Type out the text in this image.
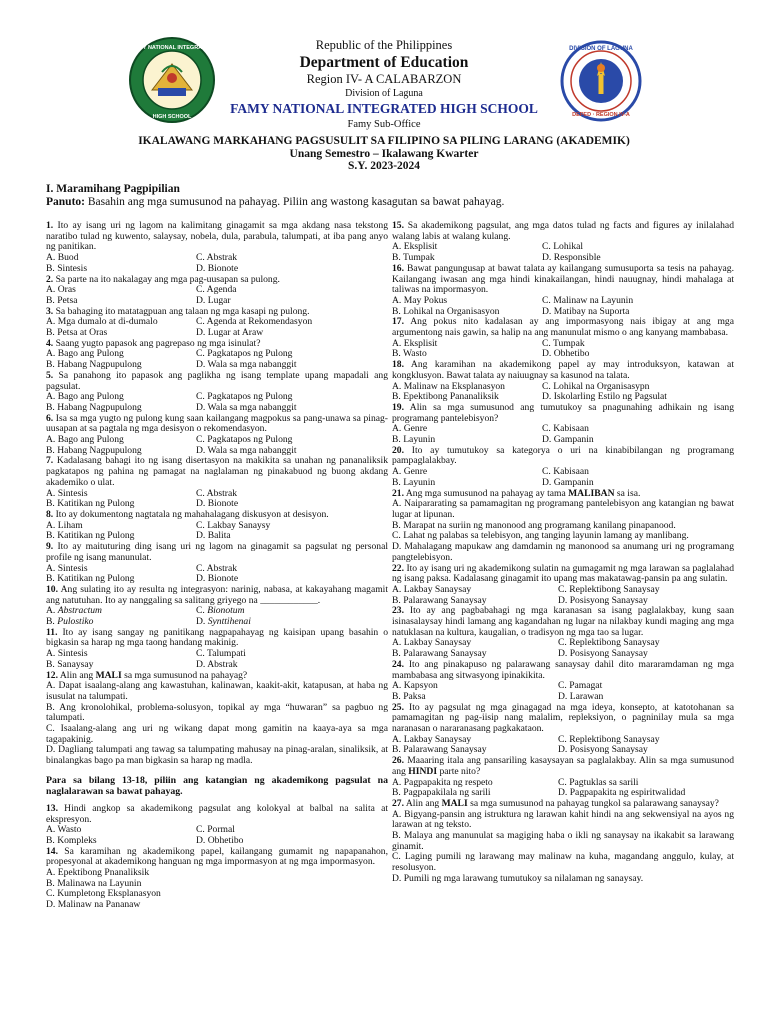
FAMY NATIONAL INTEGRATED
HIGH SCHOOL
Republic of the Philippines
Department of Education
Region IV- A CALABARZON
Division of Laguna
FAMY NATIONAL INTEGRATED HIGH SCHOOL
Famy Sub-Office
DIVISION OF LAGUNA
DEPED · REGION IV-A
IKALAWANG MARKAHANG PAGSUSULIT SA FILIPINO SA PILING LARANG (AKADEMIK)
Unang Semestro – Ikalawang Kwarter
S.Y. 2023-2024
I. Maramihang Pagpipilian
Panuto: Basahin ang mga sumusunod na pahayag. Piliin ang wastong kasagutan sa bawat pahayag.

1. Ito ay isang uri ng lagom na kalimitang ginagamit sa mga akdang nasa tekstong naratibo tulad ng kuwento, salaysay, nobela, dula, parabula, talumpati, at iba pang anyo ng panitikan.

A. Buod	C. Abstrak
B. Sintesis	D. Bionote

2. Sa parte na ito nakalagay ang mga pag-uusapan sa pulong.

A. Oras	C. Agenda
B. Petsa	D. Lugar

3. Sa bahaging ito matatagpuan ang talaan ng mga kasapi ng pulong.

A. Mga dumalo at di-dumalo	C. Agenda at Rekomendasyon
B. Petsa at Oras	D. Lugar at Araw

4. Saang yugto papasok ang pagrepaso ng mga isinulat?

A. Bago ang Pulong	C. Pagkatapos ng Pulong
B. Habang Nagpupulong	D. Wala sa mga nabanggit

5. Sa panahong ito papasok ang paglikha ng isang template upang mapadali ang pagsulat.

A. Bago ang Pulong	C. Pagkatapos ng Pulong
B. Habang Nagpupulong	D. Wala sa mga nabanggit

6. Isa sa mga yugto ng pulong kung saan kailangang magpokus sa pang-unawa sa pinag-uusapan at sa pagtala ng mga desisyon o rekomendasyon.

A. Bago ang Pulong	C. Pagkatapos ng Pulong
B. Habang Nagpupulong	D. Wala sa mga nabanggit

7. Kadalasang bahagi ito ng isang disertasyon na makikita sa unahan ng pananaliksik pagkatapos ng pahina ng pamagat na naglalaman ng pinakabuod ng buong akdang akademiko o ulat.

A. Sintesis	C. Abstrak
B. Katitikan ng Pulong	D. Bionote

8. Ito ay dokumentong nagtatala ng mahahalagang diskusyon at desisyon.

A. Liham	C. Lakbay Sanaysy
B. Katitikan ng Pulong	D. Balita

9. Ito ay maituturing ding isang uri ng lagom na ginagamit sa pagsulat ng personal profile ng isang manunulat.

A. Sintesis	C. Abstrak
B. Katitikan ng Pulong	D. Bionote

10. Ang sulating ito ay resulta ng integrasyon: narinig, nabasa, at kakayahang magamit ang natutuhan. Ito ay nanggaling sa salitang griyego na ____________.

A. Abstractum	C. Bionotum
B. Pulostiko	D. Synttihenai

11. Ito ay isang sangay ng panitikang nagpapahayag ng kaisipan upang basahin o bigkasin sa harap ng mga taong handang makinig.

A. Sintesis	C. Talumpati
B. Sanaysay	D. Abstrak

12. Alin ang MALI sa mga sumusunod na pahayag?

A. Dapat isaalang-alang ang kawastuhan, kalinawan, kaakit-akit, katapusan, at haba ng isusulat na talumpati.
B. Ang kronolohikal, problema-solusyon, topikal ay mga “huwaran” sa pagbuo ng talumpati.
C. Isaalang-alang ang uri ng wikang dapat mong gamitin na kaaya-aya sa mga tagapakinig.
D. Dagliang talumpati ang tawag sa talumpating mahusay na pinag-aralan, sinaliksik, at binalangkas bago pa man bigkasin sa harap ng madla.
Para sa bilang 13-18, piliin ang katangian ng akademikong pagsulat na naglalarawan sa bawat pahayag.

13. Hindi angkop sa akademikong pagsulat ang kolokyal at balbal na salita at ekspresyon.

A. Wasto	C. Pormal
B. Kompleks	D. Obhetibo

14. Sa karamihan ng akademikong papel, kailangang gumamit ng napapanahon, propesyonal at akademikong hanguan ng mga impormasyon at ng mga impormasyon.

A. Epektibong Pnanaliksik
B. Malinawa na Layunin
C. Kumpletong Eksplanasyon
D. Malinaw na Pananaw

15. Sa akademikong pagsulat, ang mga datos tulad ng facts and figures ay inilalahad walang labis at walang kulang.

A. Eksplisit	C. Lohikal
B. Tumpak	D. Responsible

16. Bawat pangungusap at bawat talata ay kailangang sumusuporta sa tesis na pahayag. Kailangang iwasan ang mga hindi kinakailangan, hindi nauugnay, hindi mahalaga at taliwas na impormasyon.

A. May Pokus	C. Malinaw na Layunin
B. Lohikal na Organisasyon	D. Matibay na Suporta

17. Ang pokus nito kadalasan ay ang impormasyong nais ibigay at ang mga argumentong nais gawin, sa halip na ang manunulat mismo o ang kanyang mambabasa.

A. Eksplisit	C. Tumpak
B. Wasto	D. Obhetibo

18. Ang karamihan na akademikong papel ay may introduksyon, katawan at kongklusyon. Bawat talata ay naiuugnay sa kasunod na talata.

A. Malinaw na Eksplanasyon	C. Lohikal na Organisasypn
B. Epektibong Pananaliksik	D. Iskolarling Estilo ng Pagsulat

19. Alin sa mga sumusunod ang tumutukoy sa pnagunahing adhikain ng isang programang pantelebisyon?

A. Genre	C. Kabisaan
B. Layunin	D. Gampanin

20. Ito ay tumutukoy sa kategorya o uri na kinabibilangan ng programang pampaglalakbay.

A. Genre	C. Kabisaan
B. Layunin	D. Gampanin

21. Ang mga sumusunod na pahayag ay tama MALIBAN sa isa.

A. Naipararating sa pamamagitan ng programang pantelebisyon ang katangian ng bawat lugar at lipunan.
B. Marapat na suriin ng manonood ang programang kanilang pinapanood.
C. Lahat ng palabas sa telebisyon, ang tanging layunin lamang ay manlibang.
D. Mahalagang mapukaw ang damdamin ng manonood sa anumang uri ng programang pangtelebisyon.

22. Ito ay isang uri ng akademikong sulatin na gumagamit ng mga larawan sa paglalahad ng isang paksa. Kadalasang ginagamit ito upang mas makatawag-pansin pa ang sulatin.

A. Lakbay Sanaysay	C. Replektibong Sanaysay
B. Palarawang Sanaysay	D. Posisyong Sanaysay

23. Ito ay ang pagbabahagi ng mga karanasan sa isang paglalakbay, kung saan isinasalaysay hindi lamang ang kagandahan ng lugar na nilakbay kundi maging ang mga natuklasan na kultura, kaugalian, o tradisyon ng mga tao sa lugar.

A. Lakbay Sanaysay	C. Replektibong Sanaysay
B. Palarawang Sanaysay	D. Posisyong Sanaysay

24. Ito ang pinakapuso ng palarawang sanaysay dahil dito mararamdaman ng mga mambabasa ang sitwasyong ipinakikita.

A. Kapsyon	C. Pamagat
B. Paksa	D. Larawan

25. Ito ay pagsulat ng mga ginagagad na mga ideya, konsepto, at katotohanan sa pamamagitan ng pag-iisip nang malalim, repleksiyon, o pagninilay mula sa mga naranasan o nararanasang pagkakataon.

A. Lakbay Sanaysay	C. Replektibong Sanaysay
B. Palarawang Sanaysay	D. Posisyong Sanaysay

26. Maaaring itala ang pansariling kasaysayan sa paglalakbay. Alin sa mga sumusunod ang HINDI parte nito?

A. Pagpapakita ng respeto	C. Pagtuklas sa sarili
B. Pagpapakilala ng sarili	D. Pagpapakita ng espiritwalidad

27. Alin ang MALI sa mga sumusunod na pahayag tungkol sa palarawang sanaysay?

A. Bigyang-pansin ang istruktura ng larawan kahit hindi na ang sekwensiyal na ayos ng larawan at ng teksto.
B. Malaya ang manunulat sa magiging haba o ikli ng sanaysay na ikakabit sa larawang ginamit.
C. Laging pumili ng larawang may malinaw na kuha, magandang anggulo, kulay, at resolusyon.
D. Pumili ng mga larawang tumutukoy sa nilalaman ng sanaysay.
